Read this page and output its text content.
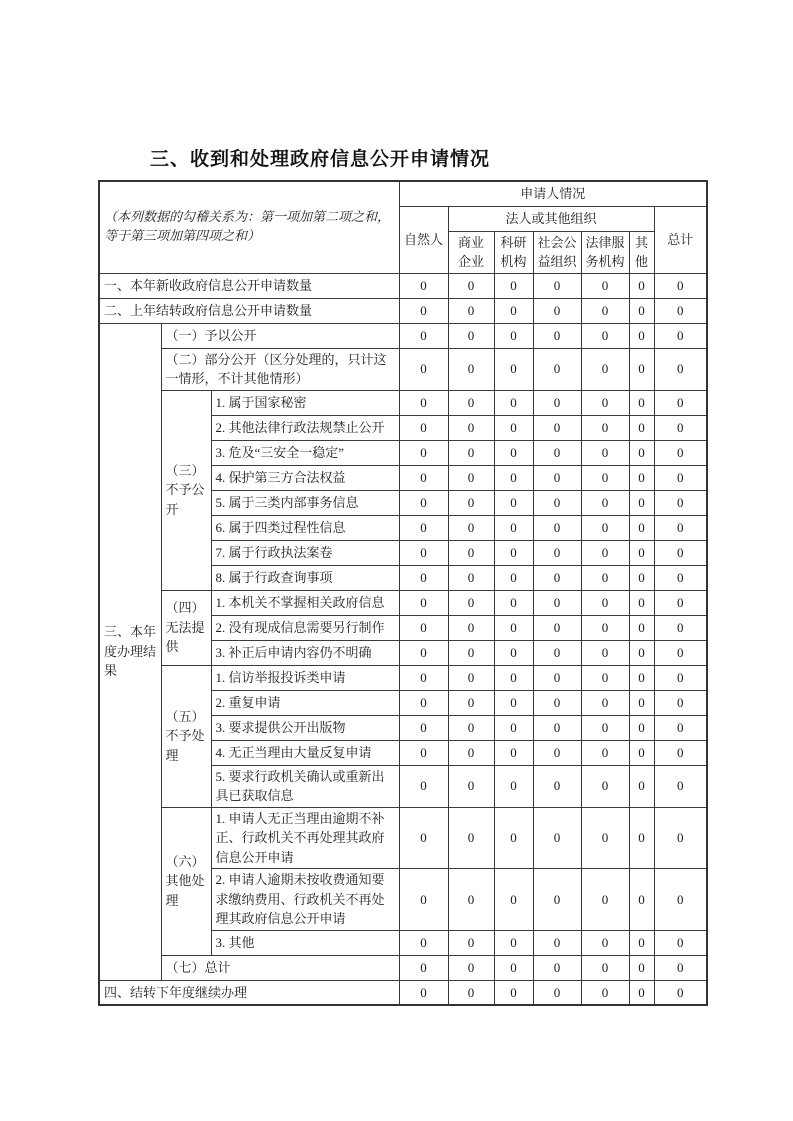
三、收到和处理政府信息公开申请情况
（本列数据的勾稽关系为：第一项加第二项之和，等于第三项加第四项之和）			申请人情况						
			自然人	法人或其他组织					总计
				商业企业	科研机构	社会公益组织	法律服务机构	其他	
一、本年新收政府信息公开申请数量			0	0	0	0	0	0	0
二、上年结转政府信息公开申请数量			0	0	0	0	0	0	0
三、本年度办理结果	（一）予以公开		0	0	0	0	0	0	0
	（二）部分公开（区分处理的，只计这一情形，不计其他情形）		0	0	0	0	0	0	0
	（三）不予公开	1. 属于国家秘密	0	0	0	0	0	0	0
		2. 其他法律行政法规禁止公开	0	0	0	0	0	0	0
		3. 危及“三安全一稳定”	0	0	0	0	0	0	0
		4. 保护第三方合法权益	0	0	0	0	0	0	0
		5. 属于三类内部事务信息	0	0	0	0	0	0	0
		6. 属于四类过程性信息	0	0	0	0	0	0	0
		7. 属于行政执法案卷	0	0	0	0	0	0	0
		8. 属于行政查询事项	0	0	0	0	0	0	0
	（四）无法提供	1. 本机关不掌握相关政府信息	0	0	0	0	0	0	0
		2. 没有现成信息需要另行制作	0	0	0	0	0	0	0
		3. 补正后申请内容仍不明确	0	0	0	0	0	0	0
	（五）不予处理	1. 信访举报投诉类申请	0	0	0	0	0	0	0
		2. 重复申请	0	0	0	0	0	0	0
		3. 要求提供公开出版物	0	0	0	0	0	0	0
		4. 无正当理由大量反复申请	0	0	0	0	0	0	0
		5. 要求行政机关确认或重新出具已获取信息	0	0	0	0	0	0	0
	（六）其他处理	1. 申请人无正当理由逾期不补正、行政机关不再处理其政府信息公开申请	0	0	0	0	0	0	0
		2. 申请人逾期未按收费通知要求缴纳费用、行政机关不再处理其政府信息公开申请	0	0	0	0	0	0	0
		3. 其他	0	0	0	0	0	0	0
	（七）总计		0	0	0	0	0	0	0
四、结转下年度继续办理			0	0	0	0	0	0	0
